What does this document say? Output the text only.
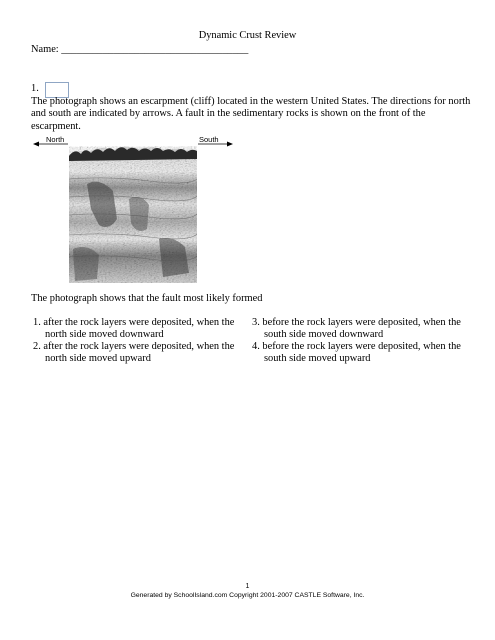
Dynamic Crust Review
Name: ____________________________________
1.
The photograph shows an escarpment (cliff) located in the western United States. The directions for north and south are indicated by arrows. A fault in the sedimentary rocks is shown on the front of the escarpment.
North	South
The photograph shows that the fault most likely formed
1. after the rock layers were deposited, when the north side moved downward
2. after the rock layers were deposited, when the north side moved upward
3. before the rock layers were deposited, when the south side moved downward
4. before the rock layers were deposited, when the south side moved upward
1
Generated by SchoolIsland.com Copyright 2001-2007 CASTLE Software, Inc.
